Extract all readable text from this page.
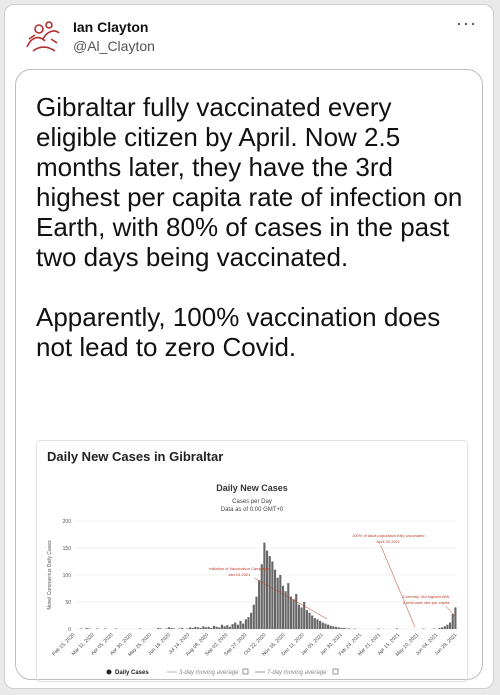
Ian Clayton
@Al_Clayton
···

Gibraltar fully vaccinated every eligible citizen by April. Now 2.5 months later, they have the 3rd highest per capita rate of infection on Earth, with 80% of cases in the past two days being vaccinated.

Apparently, 100% vaccination does not lead to zero Covid.

Daily New Cases in Gibraltar
Daily New Cases
Cases per Day
Data as of 0:00 GMT+0
0
50
100
150
200
Novel Coronavirus Daily Cases
Feb 15, 2020
Mar 11, 2020
Apr 05, 2020
Apr 30, 2020
May 25, 2020
Jun 19, 2020
Jul 14, 2020
Aug 08, 2020
Sep 02, 2020
Sep 27, 2020
Oct 22, 2020
Nov 16, 2020
Dec 11, 2020
Jan 05, 2021
Jan 30, 2021
Feb 24, 2021
Mar 21, 2021
Apr 15, 2021
May 10, 2021
Jun 04, 2021
Jun 29, 2021
Initiation of Vaccination Campaign
Jan 10 2021
100% of adult population fully vaccinated
April 30 2021
Currently, 3rd highest WW
Covid case rate per capita
Daily Cases	3-day moving average	7-day moving average
